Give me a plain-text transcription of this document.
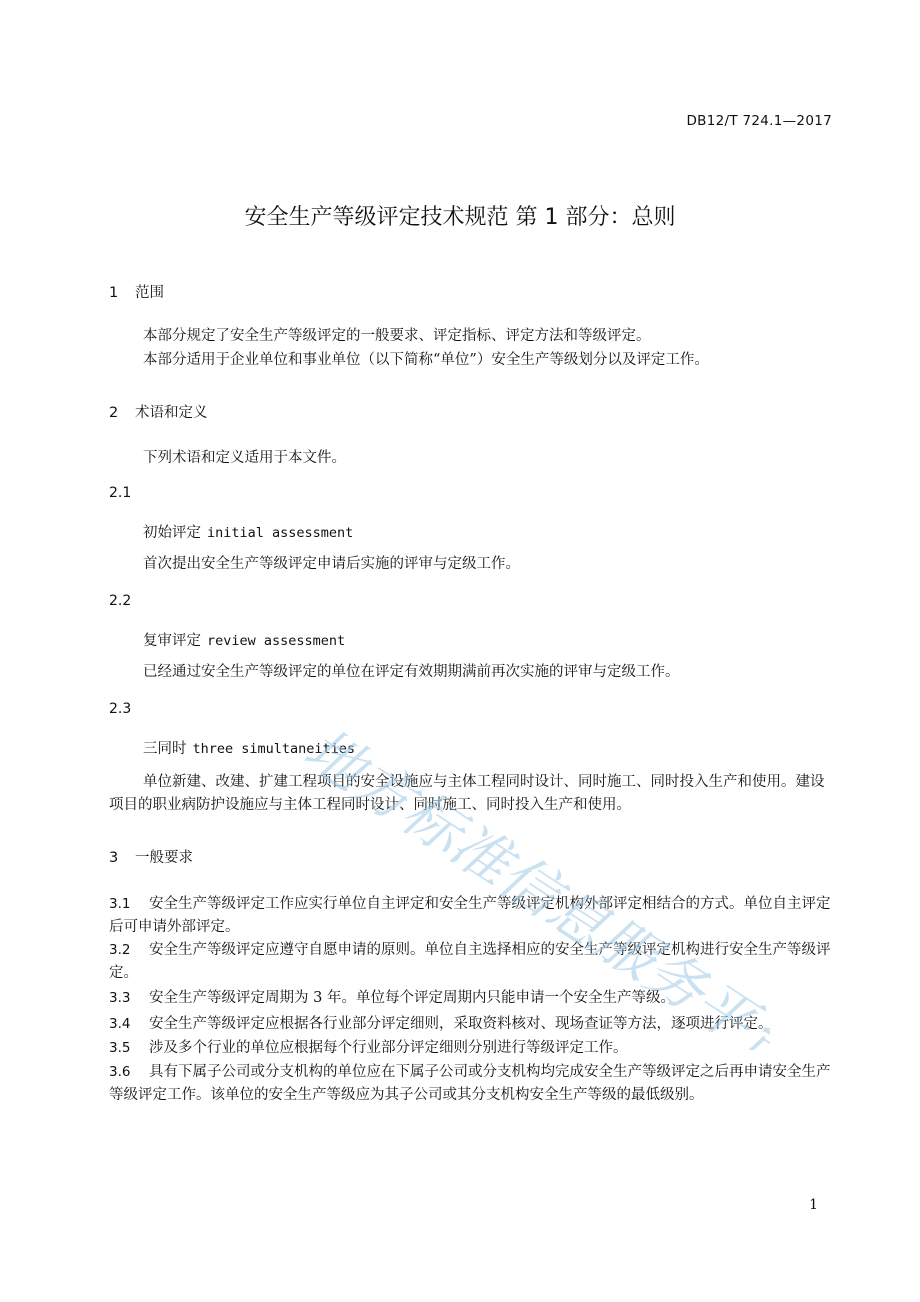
DB12/T 724.1—2017
安全生产等级评定技术规范 第 1 部分：总则
1 范围
本部分规定了安全生产等级评定的一般要求、评定指标、评定方法和等级评定。
本部分适用于企业单位和事业单位（以下简称“单位”）安全生产等级划分以及评定工作。
2 术语和定义
下列术语和定义适用于本文件。
2.1
初始评定 initial assessment
首次提出安全生产等级评定申请后实施的评审与定级工作。
2.2
复审评定 review assessment
已经通过安全生产等级评定的单位在评定有效期期满前再次实施的评审与定级工作。
2.3
三同时 three simultaneities
单位新建、改建、扩建工程项目的安全设施应与主体工程同时设计、同时施工、同时投入生产和使用。建设项目的职业病防护设施应与主体工程同时设计、同时施工、同时投入生产和使用。
3 一般要求
3.1 安全生产等级评定工作应实行单位自主评定和安全生产等级评定机构外部评定相结合的方式。单位自主评定后可申请外部评定。
3.2 安全生产等级评定应遵守自愿申请的原则。单位自主选择相应的安全生产等级评定机构进行安全生产等级评定。
3.3 安全生产等级评定周期为 3 年。单位每个评定周期内只能申请一个安全生产等级。
3.4 安全生产等级评定应根据各行业部分评定细则，采取资料核对、现场查证等方法，逐项进行评定。
3.5 涉及多个行业的单位应根据每个行业部分评定细则分别进行等级评定工作。
3.6 具有下属子公司或分支机构的单位应在下属子公司或分支机构均完成安全生产等级评定之后再申请安全生产等级评定工作。该单位的安全生产等级应为其子公司或其分支机构安全生产等级的最低级别。
1
地方标准信息服务平台
